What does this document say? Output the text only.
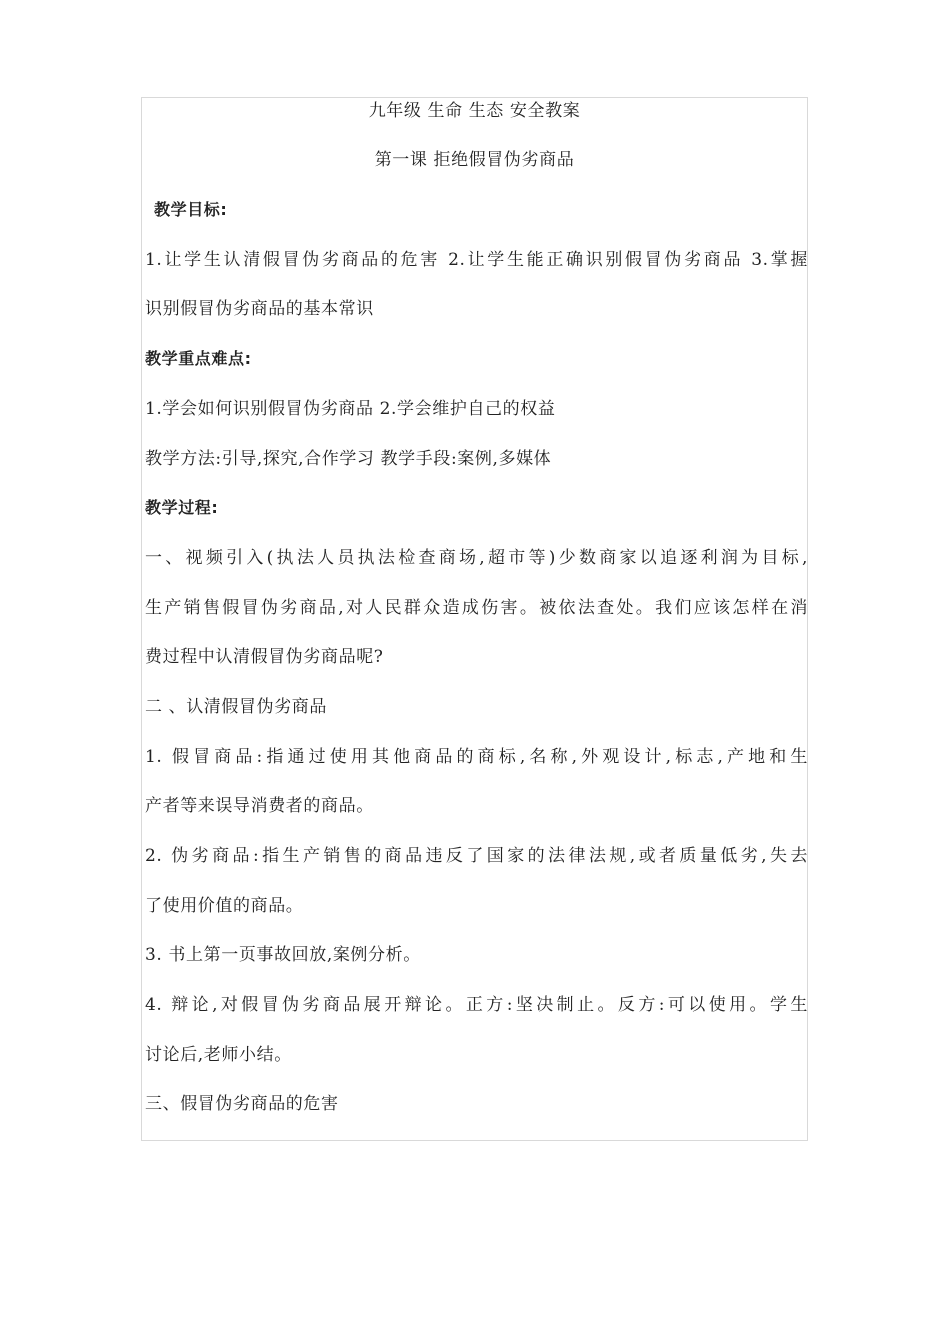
九年级 生命 生态 安全教案
第一课 拒绝假冒伪劣商品
教学目标:
1.让学生认清假冒伪劣商品的危害 2.让学生能正确识别假冒伪劣商品 3.掌握
识别假冒伪劣商品的基本常识
教学重点难点:
1.学会如何识别假冒伪劣商品 2.学会维护自己的权益
教学方法:引导,探究,合作学习 教学手段:案例,多媒体
教学过程:
一、视频引入(执法人员执法检查商场,超市等)少数商家以追逐利润为目标,
生产销售假冒伪劣商品,对人民群众造成伤害。被依法查处。我们应该怎样在消
费过程中认清假冒伪劣商品呢?
二 、认清假冒伪劣商品
1. 假冒商品:指通过使用其他商品的商标,名称,外观设计,标志,产地和生
产者等来误导消费者的商品。
2. 伪劣商品:指生产销售的商品违反了国家的法律法规,或者质量低劣,失去
了使用价值的商品。
3. 书上第一页事故回放,案例分析。
4. 辩论,对假冒伪劣商品展开辩论。正方:坚决制止。反方:可以使用。学生
讨论后,老师小结。
三、假冒伪劣商品的危害
